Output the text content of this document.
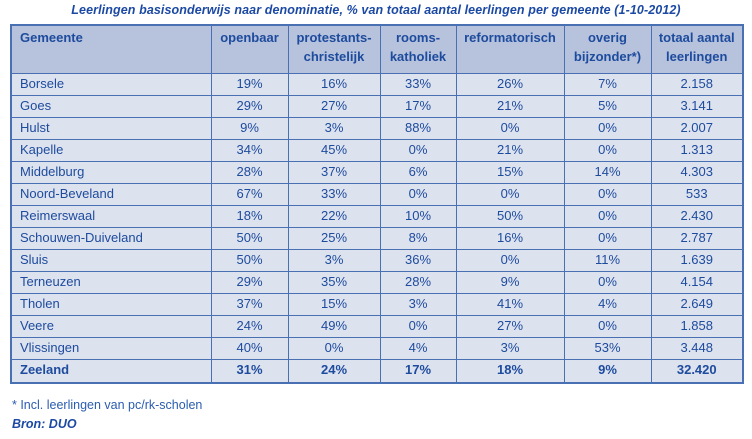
Leerlingen basisonderwijs naar denominatie, % van totaal aantal leerlingen per gemeente (1-10-2012)
Gemeente	openbaar	protestants-christelijk	rooms-katholiek	reformatorisch	overig bijzonder*)	totaal aantal leerlingen
Borsele	19%	16%	33%	26%	7%	2.158
Goes	29%	27%	17%	21%	5%	3.141
Hulst	9%	3%	88%	0%	0%	2.007
Kapelle	34%	45%	0%	21%	0%	1.313
Middelburg	28%	37%	6%	15%	14%	4.303
Noord-Beveland	67%	33%	0%	0%	0%	533
Reimerswaal	18%	22%	10%	50%	0%	2.430
Schouwen-Duiveland	50%	25%	8%	16%	0%	2.787
Sluis	50%	3%	36%	0%	11%	1.639
Terneuzen	29%	35%	28%	9%	0%	4.154
Tholen	37%	15%	3%	41%	4%	2.649
Veere	24%	49%	0%	27%	0%	1.858
Vlissingen	40%	0%	4%	3%	53%	3.448
Zeeland	31%	24%	17%	18%	9%	32.420
* Incl. leerlingen van pc/rk-scholen
Bron: DUO
